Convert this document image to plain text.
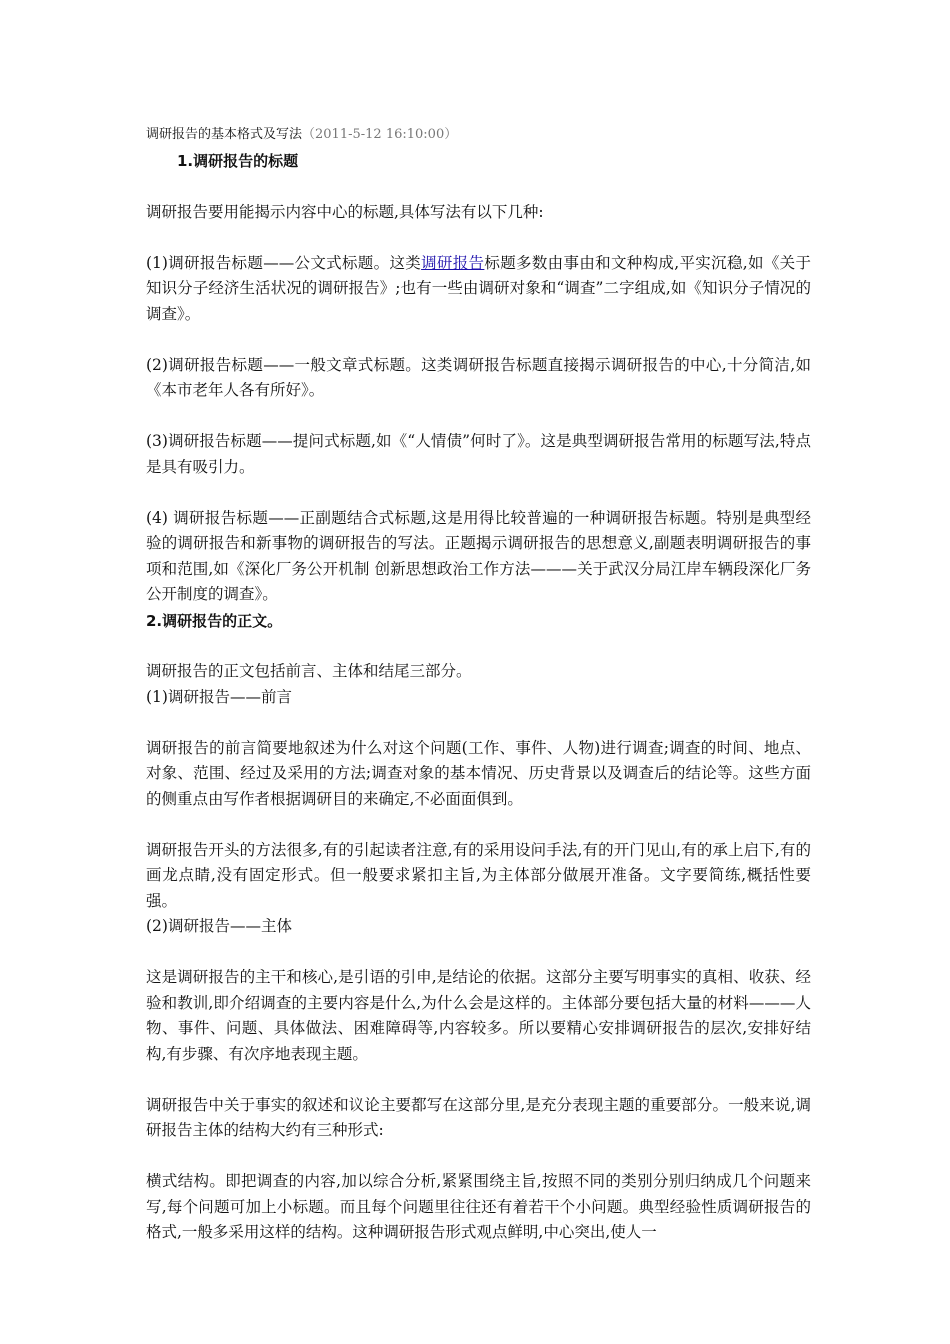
调研报告的基本格式及写法（2011-5-12 16:10:00）
1.调研报告的标题

调研报告要用能揭示内容中心的标题,具体写法有以下几种:

(1)调研报告标题——公文式标题。这类调研报告标题多数由事由和文种构成,平实沉稳,如《关于知识分子经济生活状况的调研报告》;也有一些由调研对象和“调查”二字组成,如《知识分子情况的调查》。

(2)调研报告标题——一般文章式标题。这类调研报告标题直接揭示调研报告的中心,十分简洁,如《本市老年人各有所好》。

(3)调研报告标题——提问式标题,如《“人情债”何时了》。这是典型调研报告常用的标题写法,特点是具有吸引力。

(4) 调研报告标题——正副题结合式标题,这是用得比较普遍的一种调研报告标题。特别是典型经验的调研报告和新事物的调研报告的写法。正题揭示调研报告的思想意义,副题表明调研报告的事项和范围,如《深化厂务公开机制 创新思想政治工作方法———关于武汉分局江岸车辆段深化厂务公开制度的调查》。

2.调研报告的正文。

调研报告的正文包括前言、主体和结尾三部分。

(1)调研报告——前言

调研报告的前言简要地叙述为什么对这个问题(工作、事件、人物)进行调查;调查的时间、地点、对象、范围、经过及采用的方法;调查对象的基本情况、历史背景以及调查后的结论等。这些方面的侧重点由写作者根据调研目的来确定,不必面面俱到。

调研报告开头的方法很多,有的引起读者注意,有的采用设问手法,有的开门见山,有的承上启下,有的画龙点睛,没有固定形式。但一般要求紧扣主旨,为主体部分做展开准备。文字要简练,概括性要强。

(2)调研报告——主体

这是调研报告的主干和核心,是引语的引申,是结论的依据。这部分主要写明事实的真相、收获、经验和教训,即介绍调查的主要内容是什么,为什么会是这样的。主体部分要包括大量的材料———人物、事件、问题、具体做法、困难障碍等,内容较多。所以要精心安排调研报告的层次,安排好结构,有步骤、有次序地表现主题。

调研报告中关于事实的叙述和议论主要都写在这部分里,是充分表现主题的重要部分。一般来说,调研报告主体的结构大约有三种形式:

横式结构。即把调查的内容,加以综合分析,紧紧围绕主旨,按照不同的类别分别归纳成几个问题来写,每个问题可加上小标题。而且每个问题里往往还有着若干个小问题。典型经验性质调研报告的格式,一般多采用这样的结构。这种调研报告形式观点鲜明,中心突出,使人一
